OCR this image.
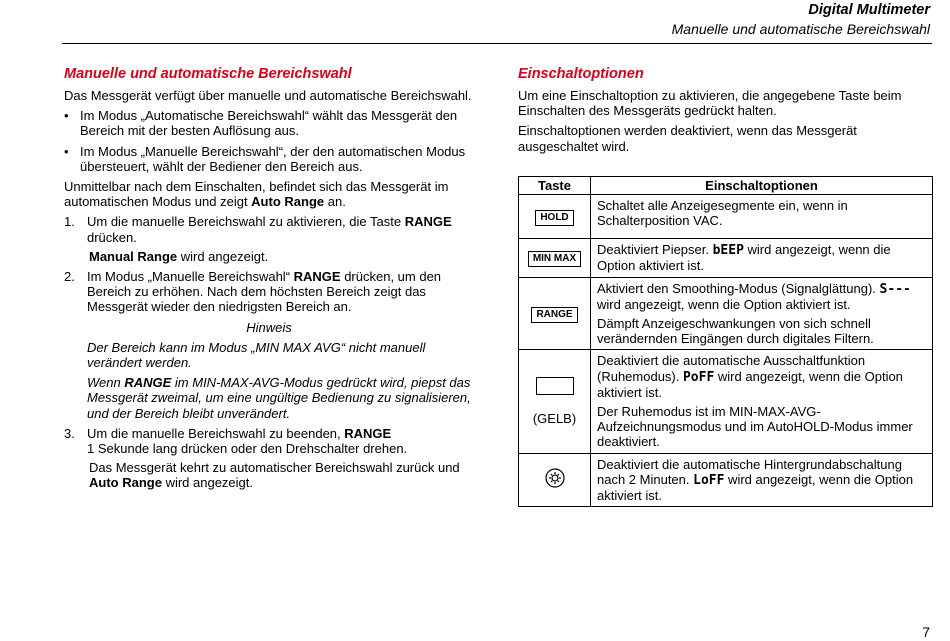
Digital Multimeter
Manuelle und automatische Bereichswahl
Manuelle und automatische Bereichswahl

Das Messgerät verfügt über manuelle und automatische Bereichswahl.

• Im Modus „Automatische Bereichswahl“ wählt das Messgerät den Bereich mit der besten Auflösung aus.
• Im Modus „Manuelle Bereichswahl“, der den automatischen Modus übersteuert, wählt der Bediener den Bereich aus.

Unmittelbar nach dem Einschalten, befindet sich das Messgerät im automatischen Modus und zeigt Auto Range an.

1. Um die manuelle Bereichswahl zu aktivieren, die Taste RANGE drücken.

Manual Range wird angezeigt.

2. Im Modus „Manuelle Bereichswahl“ RANGE drücken, um den Bereich zu erhöhen. Nach dem höchsten Bereich zeigt das Messgerät wieder den niedrigsten Bereich an.
Hinweis

Der Bereich kann im Modus „MIN MAX AVG“ nicht manuell verändert werden.

Wenn RANGE im MIN-MAX-AVG-Modus gedrückt wird, piepst das Messgerät zweimal, um eine ungültige Bedienung zu signalisieren, und der Bereich bleibt unverändert.

3. Um die manuelle Bereichswahl zu beenden, RANGE
1 Sekunde lang drücken oder den Drehschalter drehen.

Das Messgerät kehrt zu automatischer Bereichswahl zurück und Auto Range wird angezeigt.

Einschaltoptionen

Um eine Einschaltoption zu aktivieren, die angegebene Taste beim Einschalten des Messgeräts gedrückt halten.

Einschaltoptionen werden deaktiviert, wenn das Messgerät ausgeschaltet wird.

Taste	Einschaltoptionen
HOLD	Schaltet alle Anzeigesegmente ein, wenn in Schalterposition VAC.
MIN MAX	Deaktiviert Piepser. bEEP wird angezeigt, wenn die Option aktiviert ist.
RANGE	Aktiviert den Smoothing-Modus (Signalglättung). S--- wird angezeigt, wenn die Option aktiviert ist.

Dämpft Anzeigeschwankungen von sich schnell verändernden Eingängen durch digitales Filtern.

(GELB)	Deaktiviert die automatische Ausschaltfunktion (Ruhemodus). PoFF wird angezeigt, wenn die Option aktiviert ist.

Der Ruhemodus ist im MIN-MAX-AVG-Aufzeichnungsmodus und im AutoHOLD-Modus immer deaktiviert.

	Deaktiviert die automatische Hintergrundabschaltung nach 2 Minuten. LoFF wird angezeigt, wenn die Option aktiviert ist.
7
